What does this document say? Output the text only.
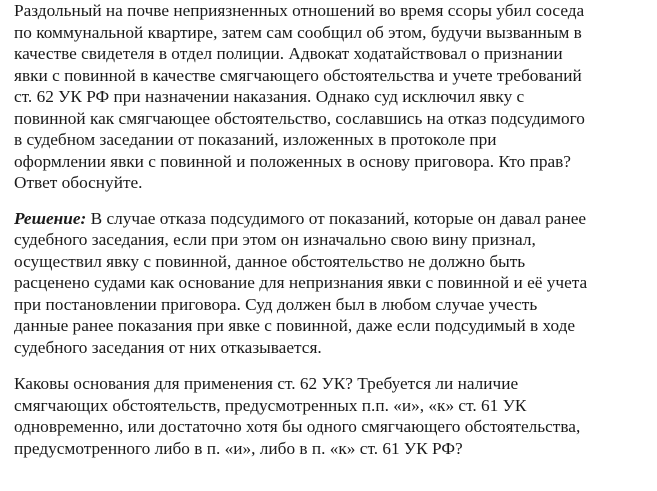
Раздольный на почве неприязненных отношений во время ссоры убил соседа
по коммунальной квартире, затем сам сообщил об этом, будучи вызванным в
качестве свидетеля в отдел полиции. Адвокат ходатайствовал о признании
явки с повинной в качестве смягчающего обстоятельства и учете требований
ст. 62 УК РФ при назначении наказания. Однако суд исключил явку с
повинной как смягчающее обстоятельство, сославшись на отказ подсудимого
в судебном заседании от показаний, изложенных в протоколе при
оформлении явки с повинной и положенных в основу приговора. Кто прав?
Ответ обоснуйте.
Решение: В случае отказа подсудимого от показаний, которые он давал ранее
судебного заседания, если при этом он изначально свою вину признал,
осуществил явку с повинной, данное обстоятельство не должно быть
расценено судами как основание для непризнания явки с повинной и её учета
при постановлении приговора. Суд должен был в любом случае учесть
данные ранее показания при явке с повинной, даже если подсудимый в ходе
судебного заседания от них отказывается.
Каковы основания для применения ст. 62 УК? Требуется ли наличие
смягчающих обстоятельств, предусмотренных п.п. «и», «к» ст. 61 УК
одновременно, или достаточно хотя бы одного смягчающего обстоятельства,
предусмотренного либо в п. «и», либо в п. «к» ст. 61 УК РФ?
